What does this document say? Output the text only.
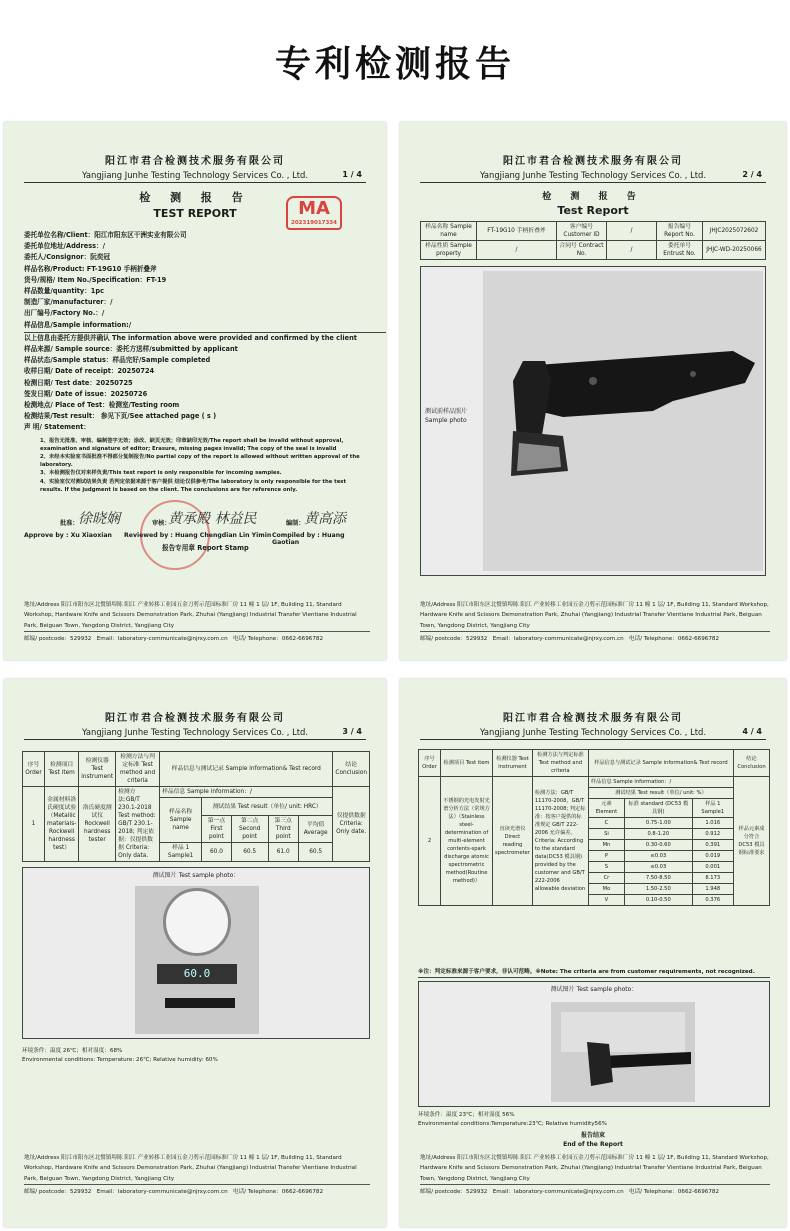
专利检测报告
阳江市君合检测技术服务有限公司
Yangjiang Junhe Testing Technology Services Co. , Ltd.	1 / 4
检 测 报 告
TEST REPORT	MA
202319017334
委托单位名称/Client：阳江市阳东区干洲实业有限公司
委托单位地址/Address：/
委托人/Consignor：阮奕冠
样品名称/Product: FT-19G10 手柄折叠斧
货号/规格/ Item No./Specification：FT-19
样品数量/quantity：1pc
制造厂家/manufacturer：/
出厂编号/Factory No.：/
样品信息/Sample information:/
以上信息由委托方提供并确认 The information above were provided and confirmed by the client
样品来源/ Sample source：委托方送样/submitted by applicant
样品状态/Sample status：样品完好/Sample completed
收样日期/ Date of receipt：20250724
检测日期/ Test date：20250725
签发日期/ Date of issue：20250726
检测地点/ Place of Test：检测室/Testing room
检测结果/Test result： 参见下页/See attached page ( s )
声 明/ Statement：
1、报告无批准、审核、编制签字无效；涂改、缺页无效；印章缺印无效/The report shall be invalid without approval, examination and signature of editor; Erasure, missing pages invalid; The copy of the seal is invalid
2、未经本实验室书面批准不得部分复制报告/No partial copy of the report is allowed without written approval of the laboratory.
3、本检测报告仅对来样负责/This test report is only responsible for incoming samples.
4、实验室仅对测试结果负责 若判定依据来源于客户提供 结论仅供参考/The laboratory is only responsible for the test results. If the judgment is based on the client. The conclusions are for reference only.
批准： 徐晓娴
Approve by : Xu Xiaoxian
审核：
黄承殿 林益民
Reviewed by : Huang Chengdian Lin Yimin
编制： 黄高添
Compiled by : Huang Gaotian
报告专用章 Report Stamp
地址/Address 阳江市阳东区北惯镇埠陈 阳江 产业转移工业园五金刀剪示范园标准厂房 11 幢 1 层/ 1F, Building 11, Standard Workshop, Hardware Knife and Scissors Demonstration Park, Zhuhai (Yangjiang) Industrial Transfer Vientiane Industrial Park, Beiguan Town, Yangdong District, Yangjiang City
邮编/ postcode：529932 Email：laboratory-communicate@njrxy.com.cn 电话/ Telephone：0662-6696782
阳江市君合检测技术服务有限公司
Yangjiang Junhe Testing Technology Services Co. , Ltd.	2 / 4
检 测 报 告
Test Report
样品名称 Sample name	FT-19G10 手柄折叠斧	客户编号 Customer ID	/	报告编号 Report No.	JHJC2025072602
样品性质 Sample property	/	合同号 Contract No.	/	委托单号 Entrust No.	JHJC-WD-20250066
测试前样品照片 Sample photo
地址/Address 阳江市阳东区北惯镇埠陈 阳江 产业转移工业园五金刀剪示范园标准厂房 11 幢 1 层/ 1F, Building 11, Standard Workshop, Hardware Knife and Scissors Demonstration Park, Zhuhai (Yangjiang) Industrial Transfer Vientiane Industrial Park, Beiguan Town, Yangdong District, Yangjiang City
邮编/ postcode：529932 Email：laboratory-communicate@njrxy.com.cn 电话/ Telephone：0662-6696782
阳江市君合检测技术服务有限公司
Yangjiang Junhe Testing Technology Services Co. , Ltd.	3 / 4
序号 Order	检测项目 Test item	检测仪器 Test instrument	检测方法与判定标准 Test method and criteria	样品信息与测试记录 Sample information& Test record					结论 Conclusion
1	金属材料洛氏硬度试验（Metallic materials-Rockwell hardness test）	洛氏硬度测试仪 Rockwell hardness tester	检测方法:GB/T 230.1-2018 Test method: GB/T 230.1-2018; 判定依据：仅提供数据 Criteria: Only data.	样品信息 Sample information：/					仅提供数据 Criteria: Only date.
				样品名称 Sample name	测试结果 Test result（单位/ unit: HRC）				
					第一点 First point	第二点 Second point	第三点 Third point	平均值 Average	
				样品 1 Sample1	60.0	60.5	61.0	60.5	
测试图片 Test sample photo：
60.0
环境条件：温度 26℃；相对湿度：68%
Environmental conditions: Temperature: 26℃; Relative humidity: 60%
地址/Address 阳江市阳东区北惯镇埠陈 阳江 产业转移工业园五金刀剪示范园标准厂房 11 幢 1 层/ 1F, Building 11, Standard Workshop, Hardware Knife and Scissors Demonstration Park, Zhuhai (Yangjiang) Industrial Transfer Vientiane Industrial Park, Beiguan Town, Yangdong District, Yangjiang City
邮编/ postcode：529932 Email：laboratory-communicate@njrxy.com.cn 电话/ Telephone：0662-6696782
阳江市君合检测技术服务有限公司
Yangjiang Junhe Testing Technology Services Co. , Ltd.	4 / 4
序号 Order	检测项目 Test item	检测仪器 Test instrument	检测方法与判定标准 Test method and criteria	样品信息与测试记录 Sample information& Test record			结论 Conclusion
2	不锈钢的光电发射光谱分析方法（常规方法）（Stainless steel-determination of multi-element contents-spark discharge atomic spectrometric method(Routine method)）	直读光谱仪 Direct reading spectrometer	检测方法：GB/T 11170-2008，GB/T 11170-2008; 判定标准：按客户提供的标准规定 GB/T 222-2006 允许偏差。 Criteria: According to the standard data(DC53 模具钢) provided by the customer and GB/T 222-2006 allowable deviation	样品信息 Sample information：/			样品元素成分符合 DC53 模具钢标准要求
				测试结果 Test result（单位/ unit: %）			
				元素 Element	标准 standard (DC53 模具钢)	样品 1 Sample1	
				C	0.75-1.00	1.016	
				Si	0.8-1.20	0.912	
				Mn	0.30-0.60	0.391	
				P	≤0.03	0.019	
				S	≤0.03	0.001	
				Cr	7.50-8.50	8.173	
				Mo	1.50-2.50	1.948	
				V	0.10-0.50	0.376	
※注：判定标准来源于客户要求，非认可范畴。※Note: The criteria are from customer requirements, not recognized.
测试图片 Test sample photo：
环境条件：温度 23℃；相对湿度 56%
Environmental conditions:Temperature:23℃; Relative humidity56%
报告结束
End of the Report
地址/Address 阳江市阳东区北惯镇埠陈 阳江 产业转移工业园五金刀剪示范园标准厂房 11 幢 1 层/ 1F, Building 11, Standard Workshop, Hardware Knife and Scissors Demonstration Park, Zhuhai (Yangjiang) Industrial Transfer Vientiane Industrial Park, Beiguan Town, Yangdong District, Yangjiang City
邮编/ postcode：529932 Email：laboratory-communicate@njrxy.com.cn 电话/ Telephone：0662-6696782
